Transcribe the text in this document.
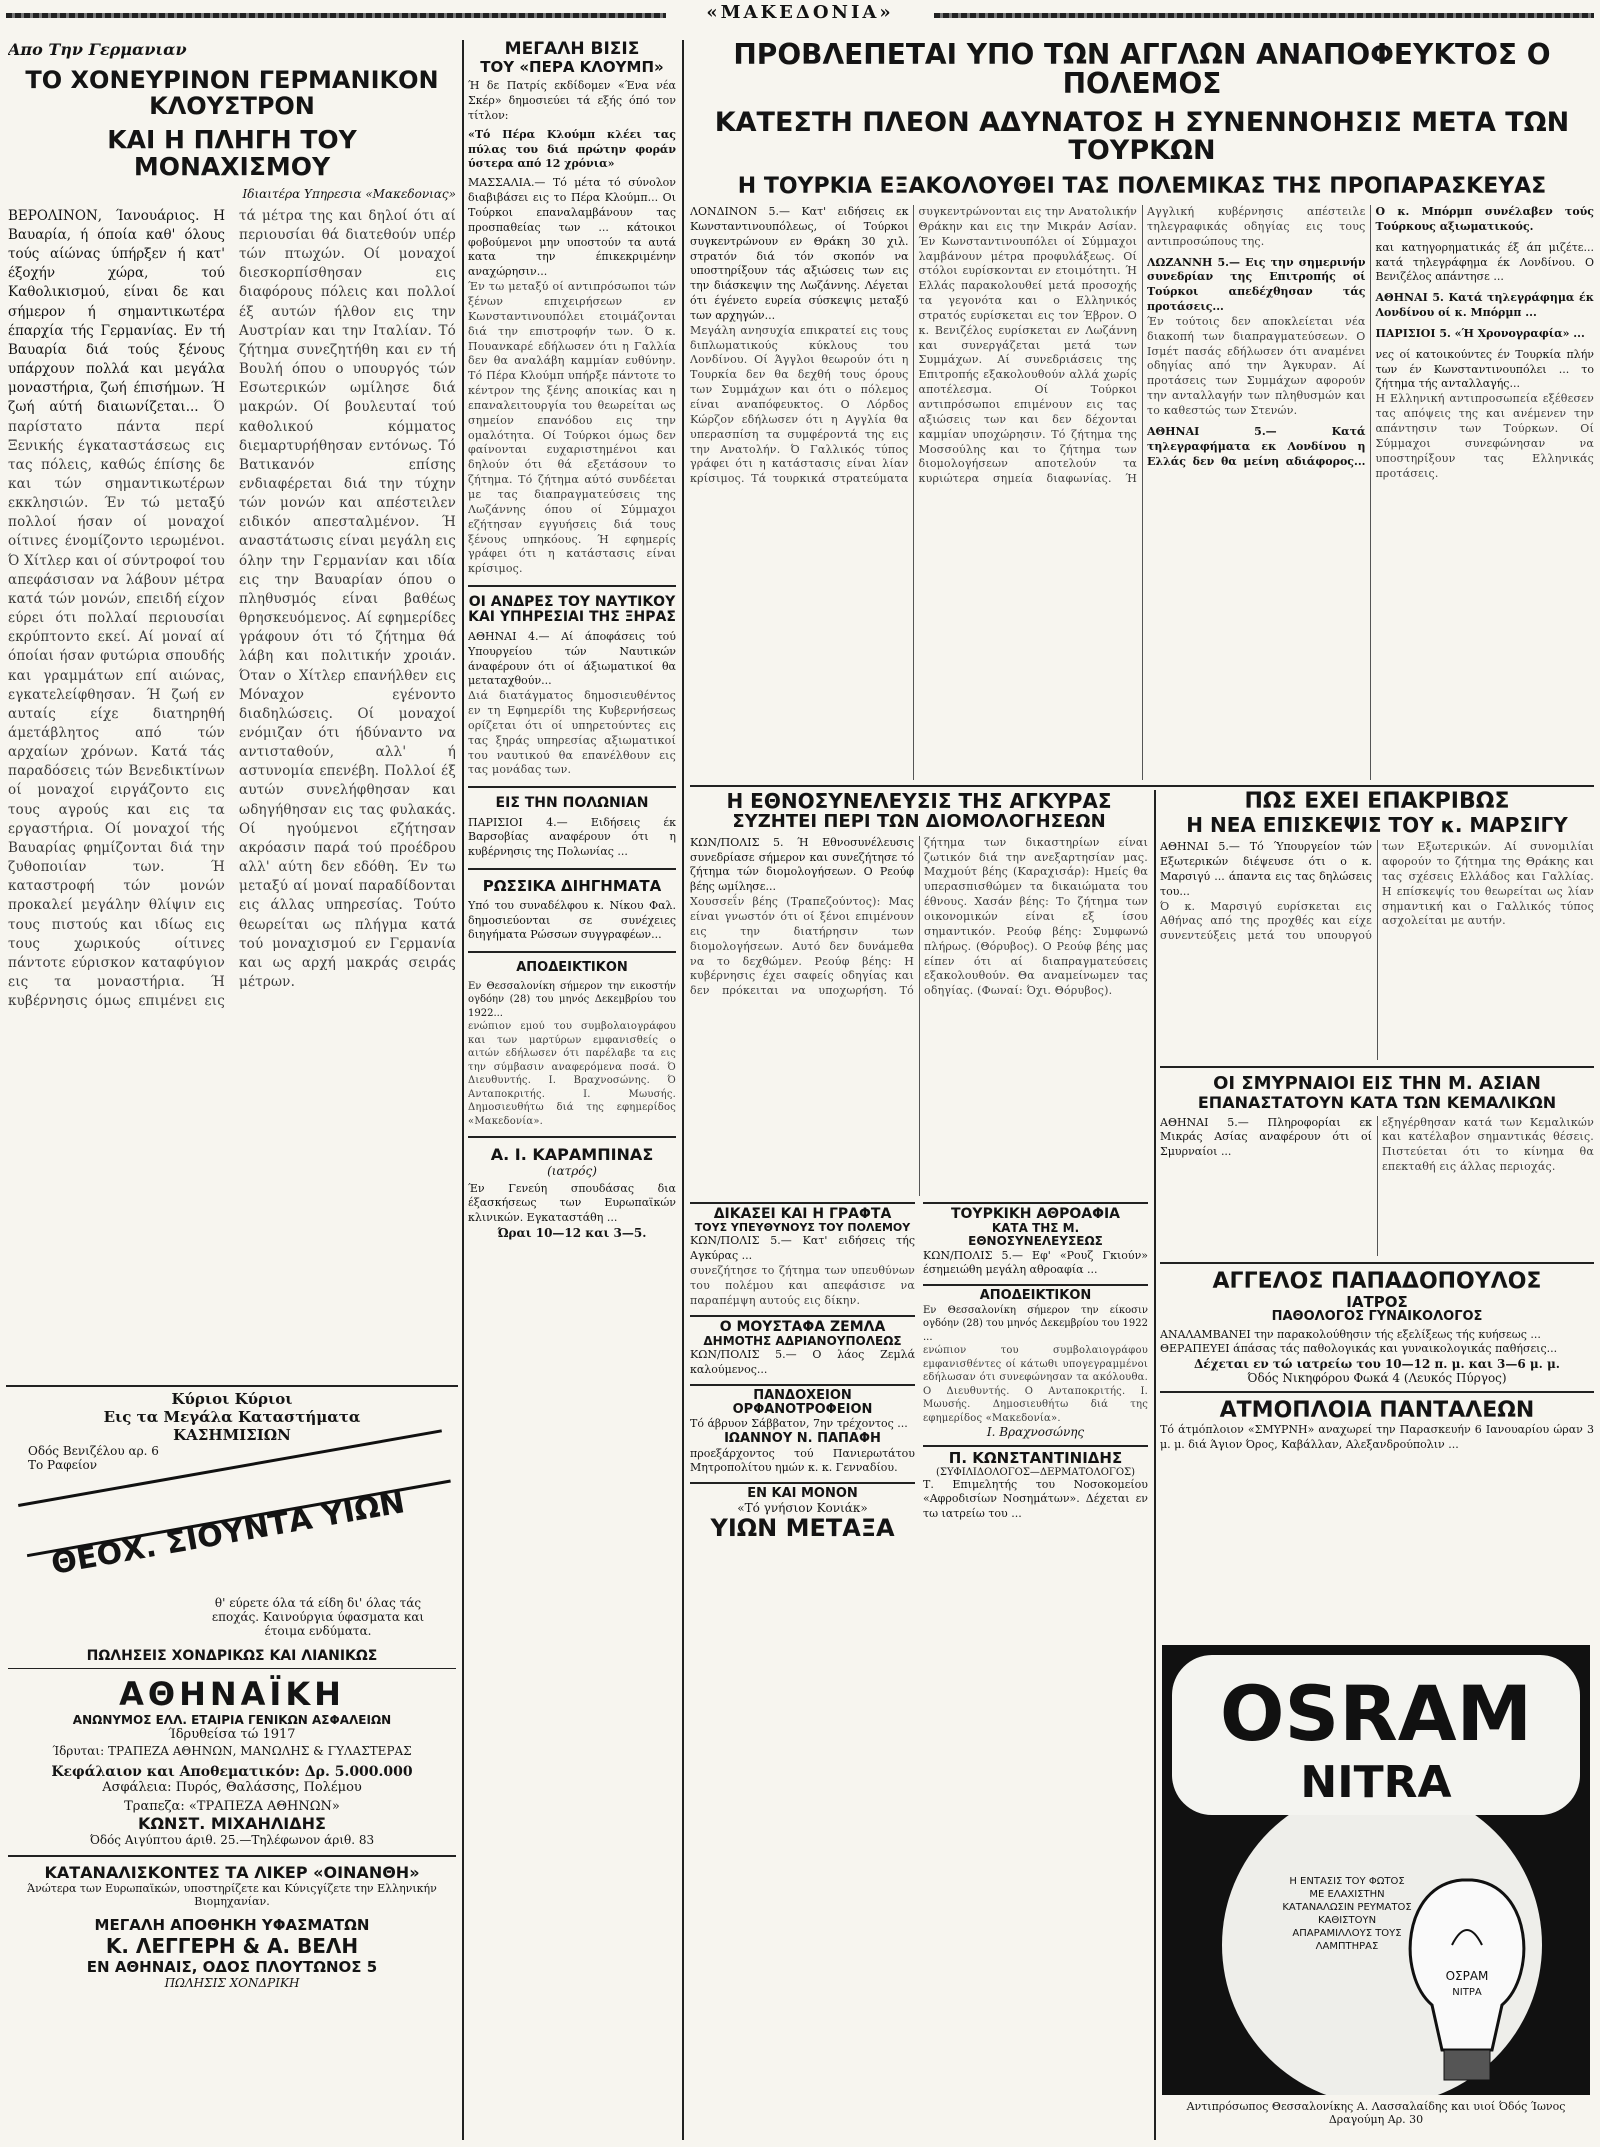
«ΜΑΚΕΔΟΝΙΑ»
Απο Την Γερμανιαν
ΤΟ ΧΟΝΕΥΡΙΝΟΝ ΓΕΡΜΑΝΙΚΟΝ ΚΛΟΥΣΤΡΟΝ
ΚΑΙ Η ΠΛΗΓΗ ΤΟΥ ΜΟΝΑΧΙΣΜΟΥ
Ιδιαιτέρα Υπηρεσια «Μακεδονιας»
ΒΕΡΟΛΙΝΟΝ, Ίανουάριος. Η Βαυαρία, ή όποία καθ' όλους τούς αίώνας ύπήρξεν ή κατ' έξοχήν χώρα, τού Καθολικισμού, είναι δε και σήμερον ή σημαντικωτέρα έπαρχία τής Γερμανίας. Εν τή Βαυαρία διά τούς ξένους υπάρχουν πολλά και μεγάλα μοναστήρια, ζωή έπισήμων. Ή ζωή αύτή διαιωνίζεται... Ό παρίστατο πάντα περί Ξενικής έγκαταστάσεως εις τας πόλεις, καθώς έπίσης δε και τών σημαντικωτέρων εκκλησιών. Έν τώ μεταξύ πολλοί ήσαν οί μοναχοί οίτινες ένομίζοντο ιερωμένοι. Ό Χίτλερ και οί σύντροφοί του απεφάσισαν να λάβουν μέτρα κατά τών μονών, επειδή είχον εύρει ότι πολλαί περιουσίαι εκρύπτοντο εκεί. Αί μοναί αί όποίαι ήσαν φυτώρια σπουδής και γραμμάτων επί αιώνας, εγκατελείφθησαν. Ή ζωή εν αυταίς είχε διατηρηθή άμετάβλητος από τών αρχαίων χρόνων. Κατά τάς παραδόσεις τών Βενεδικτίνων οί μοναχοί ειργάζοντο εις τους αγρούς και εις τα εργαστήρια. Οί μοναχοί τής Βαυαρίας φημίζονται διά την ζυθοποιίαν των. Ή καταστροφή τών μονών προκαλεί μεγάλην θλίψιν εις τους πιστούς και ιδίως εις τους χωρικούς οίτινες πάντοτε εύρισκον καταφύγιον εις τα μοναστήρια. Ή κυβέρνησις όμως επιμένει εις τά μέτρα της και δηλοί ότι αί περιουσίαι θά διατεθούν υπέρ τών πτωχών. Οί μοναχοί διεσκορπίσθησαν εις διαφόρους πόλεις και πολλοί έξ αυτών ήλθον εις την Αυστρίαν και την Ιταλίαν. Τό ζήτημα συνεζητήθη και εν τή Βουλή όπου ο υπουργός τών Εσωτερικών ωμίλησε διά μακρών. Οί βουλευταί τού καθολικού κόμματος διεμαρτυρήθησαν εντόνως. Τό Βατικανόν επίσης ενδιαφέρεται διά την τύχην τών μονών και απέστειλεν ειδικόν απεσταλμένον. Ή αναστάτωσις είναι μεγάλη εις όλην την Γερμανίαν και ιδία εις την Βαυαρίαν όπου ο πληθυσμός είναι βαθέως θρησκευόμενος. Αί εφημερίδες γράφουν ότι τό ζήτημα θά λάβη και πολιτικήν χροιάν. Όταν ο Χίτλερ επανήλθεν εις Μόναχον εγένοντο διαδηλώσεις. Οί μοναχοί ενόμιζαν ότι ήδύναντο να αντισταθούν, αλλ' ή αστυνομία επενέβη. Πολλοί έξ αυτών συνελήφθησαν και ωδηγήθησαν εις τας φυλακάς. Οί ηγούμενοι εζήτησαν ακρόασιν παρά τού προέδρου αλλ' αύτη δεν εδόθη. Έν τω μεταξύ αί μοναί παραδίδονται εις άλλας υπηρεσίας. Τούτο θεωρείται ως πλήγμα κατά τού μοναχισμού εν Γερμανία και ως αρχή μακράς σειράς μέτρων.
Κύριοι Κύριοι
Εις τα Μεγάλα Καταστήματα
ΚΑΣΗΜΙΣΙΩΝ
Οδός Βενιζέλου αρ. 6
Το Ραφείον
ΘΕΟΧ. ΣΙΟΥΝΤΑ ΥΙΩΝ
θ' εύρετε όλα τά είδη δι' όλας τάς εποχάς. Καινούργια ύφασματα και έτοιμα ενδύματα.
ΠΩΛΗΣΕΙΣ ΧΟΝΔΡΙΚΩΣ ΚΑΙ ΛΙΑΝΙΚΩΣ
ΑΘΗΝΑΪΚΗ
ΑΝΩΝΥΜΟΣ ΕΛΛ. ΕΤΑΙΡΙΑ ΓΕΝΙΚΩΝ ΑΣΦΑΛΕΙΩΝ
Ίδρυθείσα τώ 1917
Ίδρυται: ΤΡΑΠΕΖΑ ΑΘΗΝΩΝ, ΜΑΝΩΛΗΣ & ΓΥΛΑΣΤΕΡΑΣ
Κεφάλαιον και Αποθεματικόν: Δρ. 5.000.000
Ασφάλεια: Πυρός, Θαλάσσης, Πολέμου
Τραπεζα: «ΤΡΑΠΕΖΑ ΑΘΗΝΩΝ»
ΚΩΝΣΤ. ΜΙΧΑΗΛΙΔΗΣ
Όδός Αιγύπτου άριθ. 25.—Τηλέφωνον άριθ. 83
ΚΑΤΑΝΑΛΙΣΚΟΝΤΕΣ ΤΑ ΛΙΚΕΡ «ΟΙΝΑΝΘΗ»
Άνώτερα των Ευρωπαϊκών, υποστηρίζετε και Κύνιςγίζετε την Ελληνικήν Βιομηχανίαν.
ΜΕΓΑΛΗ ΑΠΟΘΗΚΗ ΥΦΑΣΜΑΤΩΝ
Κ. ΛΕΓΓΕΡΗ & Α. ΒΕΛΗ
ΕΝ ΑΘΗΝΑΙΣ, ΟΔΟΣ ΠΛΟΥΤΩΝΟΣ 5
ΠΩΛΗΣΙΣ ΧΟΝΔΡΙΚΗ
ΜΕΓΑΛΗ ΒΙΣΙΣ
ΤΟΥ «ΠΕΡΑ ΚΛΟΥΜΠ»
Ή δε Πατρίς εκδίδομεν «Ένα νέα Σκέρ» δημοσιεύει τά εξής όπό τον τίτλον:
«Τό Πέρα Κλούμπ κλέει τας πύλας του διά πρώτην φοράν ύστερα από 12 χρόνια»
ΜΑΣΣΑΛΙΑ.— Τό μέτα τό σύνολον διαβιβάσει εις το Πέρα Κλούμπ... Οι Τούρκοι επαναλαμβάνουν τας προσπαθείας των ... κάτοικοι φοβούμενοι μην υποστούν τα αυτά κατα την έπικεκριμένην αναχώρησιν...
Έν τω μεταξύ οί αντιπρόσωποι τών ξένων επιχειρήσεων εν Κωνσταντινουπόλει ετοιμάζονται διά την επιστροφήν των. Ό κ. Πουανκαρέ εδήλωσεν ότι η Γαλλία δεν θα αναλάβη καμμίαν ευθύνην. Τό Πέρα Κλούμπ υπήρξε πάντοτε το κέντρον της ξένης αποικίας και η επαναλειτουργία του θεωρείται ως σημείον επανόδου εις την ομαλότητα. Οί Τούρκοι όμως δεν φαίνονται ευχαριστημένοι και δηλούν ότι θά εξετάσουν το ζήτημα. Τό ζήτημα αύτό συνδέεται με τας διαπραγματεύσεις της Λωζάννης όπου οί Σύμμαχοι εζήτησαν εγγυήσεις διά τους ξένους υπηκόους. Ή εφημερίς γράφει ότι η κατάστασις είναι κρίσιμος.
ΟΙ ΑΝΔΡΕΣ ΤΟΥ ΝΑΥΤΙΚΟΥ ΚΑΙ ΥΠΗΡΕΣΙΑΙ ΤΗΣ ΞΗΡΑΣ
ΑΘΗΝΑΙ 4.— Αί άποφάσεις τού Υπουργείου τών Ναυτικών άναφέρουν ότι οί άξιωματικοί θα μεταταχθούν...
Διά διατάγματος δημοσιευθέντος εν τη Εφημερίδι της Κυβερνήσεως ορίζεται ότι οί υπηρετούντες εις τας ξηράς υπηρεσίας αξιωματικοί του ναυτικού θα επανέλθουν εις τας μονάδας των.
ΕΙΣ ΤΗΝ ΠΟΛΩΝΙΑΝ
ΠΑΡΙΣΙΟΙ 4.— Ειδήσεις έκ Βαρσοβίας αναφέρουν ότι η κυβέρνησις της Πολωνίας ...
ΡΩΣΣΙΚΑ ΔΙΗΓΗΜΑΤΑ
Υπό του συναδέλφου κ. Νίκου Φαλ. δημοσιεύονται σε συνέχειες διηγήματα Ρώσσων συγγραφέων...
ΑΠΟΔΕΙΚΤΙΚΟΝ
Εν Θεσσαλονίκη σήμερον την εικοστήν ογδόην (28) του μηνός Δεκεμβρίου του 1922...
ενώπιον εμού του συμβολαιογράφου και των μαρτύρων εμφανισθείς ο αιτών εδήλωσεν ότι παρέλαβε τα εις την σύμβασιν αναφερόμενα ποσά. Ό Διευθυντής. Ι. Βραχνοσώνης. Ό Ανταποκριτής. Ι. Μωυσής. Δημοσιευθήτω διά της εφημερίδος «Μακεδονία».
Α. Ι. ΚΑΡΑΜΠΙΝΑΣ
(ιατρός)
Έν Γενεύη σπουδάσας δια έξασκήσεως των Ευρωπαϊκών κλινικών. Εγκαταστάθη ...
Ώραι 10—12 και 3—5.
ΠΡΟΒΛΕΠΕΤΑΙ ΥΠΟ ΤΩΝ ΑΓΓΛΩΝ ΑΝΑΠΟΦΕΥΚΤΟΣ Ο ΠΟΛΕΜΟΣ
ΚΑΤΕΣΤΗ ΠΛΕΟΝ ΑΔΥΝΑΤΟΣ Η ΣΥΝΕΝΝΟΗΣΙΣ ΜΕΤΑ ΤΩΝ ΤΟΥΡΚΩΝ
Η ΤΟΥΡΚΙΑ ΕΞΑΚΟΛΟΥΘΕΙ ΤΑΣ ΠΟΛΕΜΙΚΑΣ ΤΗΣ ΠΡΟΠΑΡΑΣΚΕΥΑΣ
ΛΟΝΔΙΝΟΝ 5.— Κατ' ειδήσεις εκ Κωνσταντινουπόλεως, οί Τούρκοι συγκεντρώνουν εν Θράκη 30 χιλ. στρατόν διά τόν σκοπόν να υποστηρίξουν τάς αξιώσεις των εις την διάσκεψιν της Λωζάννης. Λέγεται ότι έγένετο ευρεία σύσκεψις μεταξύ των αρχηγών...
Μεγάλη ανησυχία επικρατεί εις τους διπλωματικούς κύκλους του Λονδίνου. Οί Άγγλοι θεωρούν ότι η Τουρκία δεν θα δεχθή τους όρους των Συμμάχων και ότι ο πόλεμος είναι αναπόφευκτος. Ο Λόρδος Κώρζον εδήλωσεν ότι η Αγγλία θα υπερασπίση τα συμφέροντά της εις την Ανατολήν. Ό Γαλλικός τύπος γράφει ότι η κατάστασις είναι λίαν κρίσιμος. Τά τουρκικά στρατεύματα συγκεντρώνονται εις την Ανατολικήν Θράκην και εις την Μικράν Ασίαν. Έν Κωνσταντινουπόλει οί Σύμμαχοι λαμβάνουν μέτρα προφυλάξεως. Οί στόλοι ευρίσκονται εν ετοιμότητι. Ή Ελλάς παρακολουθεί μετά προσοχής τα γεγονότα και ο Ελληνικός στρατός ευρίσκεται εις τον Έβρον. Ο κ. Βενιζέλος ευρίσκεται εν Λωζάννη και συνεργάζεται μετά των Συμμάχων. Αί συνεδριάσεις της Επιτροπής εξακολουθούν αλλά χωρίς αποτέλεσμα. Οί Τούρκοι αντιπρόσωποι επιμένουν εις τας αξιώσεις των και δεν δέχονται καμμίαν υποχώρησιν. Τό ζήτημα της Μοσσούλης και το ζήτημα των διομολογήσεων αποτελούν τα κυριώτερα σημεία διαφωνίας. Ή Αγγλική κυβέρνησις απέστειλε τηλεγραφικάς οδηγίας εις τους αντιπροσώπους της.
ΛΩΖΑΝΝΗ 5.— Εις την σημερινήν συνεδρίαν της Επιτροπής οί Τούρκοι απεδέχθησαν τάς προτάσεις...
Έν τούτοις δεν αποκλείεται νέα διακοπή των διαπραγματεύσεων. Ο Ισμέτ πασάς εδήλωσεν ότι αναμένει οδηγίας από την Άγκυραν. Αί προτάσεις των Συμμάχων αφορούν την ανταλλαγήν των πληθυσμών και το καθεστώς των Στενών.
ΑΘΗΝΑΙ 5.— Κατά τηλεγραφήματα εκ Λονδίνου η Ελλάς δεν θα μείνη αδιάφορος... Ο κ. Μπόρμπ συνέλαβεν τούς Τούρκους αξιωματικούς.
και κατηγορηματικάς έξ άπ μιζέτε... κατά τηλεγράφημα έκ Λονδίνου. Ο Βενιζέλος απάντησε ...
ΑΘΗΝΑΙ 5. Κατά τηλεγράφημα έκ Λονδίνου οί κ. Μπόρμπ ...
ΠΑΡΙΣΙΟΙ 5. «Ή Χρονογραφία» ...
νες οί κατοικούντες έν Τουρκία πλήν των έν Κωνσταντινουπόλει ... το ζήτημα τής ανταλλαγής...
Η Ελληνική αντιπροσωπεία εξέθεσεν τας απόψεις της και ανέμενεν την απάντησιν των Τούρκων. Οί Σύμμαχοι συνεφώνησαν να υποστηρίξουν τας Ελληνικάς προτάσεις.
Η ΕΘΝΟΣΥΝΕΛΕΥΣΙΣ ΤΗΣ ΑΓΚΥΡΑΣ
ΣΥΖΗΤΕΙ ΠΕΡΙ ΤΩΝ ΔΙΟΜΟΛΟΓΗΣΕΩΝ
ΚΩΝ/ΠΟΛΙΣ 5. Ή Εθνοσυνέλευσις συνεδρίασε σήμερον και συνεζήτησε τό ζήτημα τών διομολογήσεων. Ο Ρεούφ βέης ωμίλησε...
Χουσσεΐν βέης (Τραπεζούντος): Μας είναι γνωστόν ότι οί ξένοι επιμένουν εις την διατήρησιν των διομολογήσεων. Αυτό δεν δυνάμεθα να το δεχθώμεν. Ρεούφ βέης: Η κυβέρνησις έχει σαφείς οδηγίας και δεν πρόκειται να υποχωρήση. Τό ζήτημα των δικαστηρίων είναι ζωτικόν διά την ανεξαρτησίαν μας. Μαχμούτ βέης (Καραχισάρ): Ημείς θα υπερασπισθώμεν τα δικαιώματα του έθνους. Χασάν βέης: Το ζήτημα των οικονομικών είναι εξ ίσου σημαντικόν. Ρεούφ βέης: Συμφωνώ πλήρως. (Θόρυβος). Ο Ρεούφ βέης μας είπεν ότι αί διαπραγματεύσεις εξακολουθούν. Θα αναμείνωμεν τας οδηγίας. (Φωναί: Όχι. Θόρυβος).
ΔΙΚΑΣΕΙ ΚΑΙ Η ΓΡΑΦΤΑ
ΤΟΥΣ ΥΠΕΥΘΥΝΟΥΣ ΤΟΥ ΠΟΛΕΜΟΥ
ΚΩΝ/ΠΟΛΙΣ 5.— Κατ' ειδήσεις τής Αγκύρας ...
συνεζήτησε το ζήτημα των υπευθύνων του πολέμου και απεφάσισε να παραπέμψη αυτούς εις δίκην.
Ο ΜΟΥΣΤΑΦΑ ΖΕΜΛΑ
ΔΗΜΟΤΗΣ ΑΔΡΙΑΝΟΥΠΟΛΕΩΣ
ΚΩΝ/ΠΟΛΙΣ 5.— Ο λάος Ζεμλά καλούμενος...
ΠΑΝΔΟΧΕΙΟΝ ΟΡΦΑΝΟΤΡΟΦΕΙΟΝ
Τό άβρυον Σάββατον, 7ην τρέχοντος ...
ΙΩΑΝΝΟΥ Ν. ΠΑΠΑΦΗ
προεξάρχοντος τού Πανιερωτάτου Μητροπολίτου ημών κ. κ. Γενναδίου.
ΕΝ ΚΑΙ ΜΟΝΟΝ
«Τό γνήσιον Κονιάκ»
ΥΙΩΝ ΜΕΤΑΞΑ
ΤΟΥΡΚΙΚΗ ΑΘΡΟΑΦΙΑ
ΚΑΤΑ ΤΗΣ Μ. ΕΘΝΟΣΥΝΕΛΕΥΣΕΩΣ
ΚΩΝ/ΠΟΛΙΣ 5.— Εφ' «Ρουζ Γκιούν» έσημειώθη μεγάλη αθροαφία ...
ΑΠΟΔΕΙΚΤΙΚΟΝ
Εν Θεσσαλονίκη σήμερον την είκοσιν ογδόην (28) του μηνός Δεκεμβρίου του 1922 ...
ενώπιον του συμβολαιογράφου εμφανισθέντες οί κάτωθι υπογεγραμμένοι εδήλωσαν ότι συνεφώνησαν τα ακόλουθα. Ο Διευθυντής. Ο Ανταποκριτής. Ι. Μωυσής. Δημοσιευθήτω διά της εφημερίδος «Μακεδονία».
Ι. Βραχνοσώνης
Π. ΚΩΝΣΤΑΝΤΙΝΙΔΗΣ
(ΣΥΦΙΛΙΔΟΛΟΓΟΣ—ΔΕΡΜΑΤΟΛΟΓΟΣ)
Τ. Επιμελητής του Νοσοκομείου «Αφροδισίων Νοσημάτων». Δέχεται εν τω ιατρείω του ...
ΠΩΣ ΕΧΕΙ ΕΠΑΚΡΙΒΩΣ
Η ΝΕΑ ΕΠΙΣΚΕΨΙΣ ΤΟΥ κ. ΜΑΡΣΙΓΥ
ΑΘΗΝΑΙ 5.— Τό Ύπουργείον τών Εξωτερικών διέψευσε ότι ο κ. Μαρσιγύ ... άπαντα εις τας δηλώσεις του...
Ό κ. Μαρσιγύ ευρίσκεται εις Αθήνας από της προχθές και είχε συνεντεύξεις μετά του υπουργού των Εξωτερικών. Αί συνομιλίαι αφορούν το ζήτημα της Θράκης και τας σχέσεις Ελλάδος και Γαλλίας. Η επίσκεψίς του θεωρείται ως λίαν σημαντική και ο Γαλλικός τύπος ασχολείται με αυτήν.
ΟΙ ΣΜΥΡΝΑΙΟΙ ΕΙΣ ΤΗΝ Μ. ΑΣΙΑΝ
ΕΠΑΝΑΣΤΑΤΟΥΝ ΚΑΤΑ ΤΩΝ ΚΕΜΑΛΙΚΩΝ
ΑΘΗΝΑΙ 5.— Πληροφορίαι εκ Μικράς Ασίας αναφέρουν ότι οί Σμυρναίοι ...
εξηγέρθησαν κατά των Κεμαλικών και κατέλαβον σημαντικάς θέσεις. Πιστεύεται ότι το κίνημα θα επεκταθή εις άλλας περιοχάς.
ΑΓΓΕΛΟΣ ΠΑΠΑΔΟΠΟΥΛΟΣ
ΙΑΤΡΟΣ
ΠΑΘΟΛΟΓΟΣ ΓΥΝΑΙΚΟΛΟΓΟΣ
ΑΝΑΛΑΜΒΑΝΕΙ την παρακολούθησιν τής εξελίξεως τής κυήσεως ...
ΘΕΡΑΠΕΥΕΙ άπάσας τάς παθολογικάς και γυναικολογικάς παθήσεις...
Δέχεται εν τώ ιατρείω του 10—12 π. μ. και 3—6 μ. μ.
Όδός Νικηφόρου Φωκά 4 (Λευκός Πύργος)
ΑΤΜΟΠΛΟΙΑ ΠΑΝΤΑΛΕΩΝ
Τό άτμόπλοιον «ΣΜΥΡΝΗ» αναχωρεί την Παρασκευήν 6 Ιανουαρίου ώραν 3 μ. μ. διά Άγιον Όρος, Καβάλλαν, Αλεξανδρούπολιν ...
OSRAM
NITRA
ΟΣΡΑΜ
ΝΙΤΡΑ
Η ΕΝΤΑΣΙΣ ΤΟΥ ΦΩΤΟΣ ΜΕ ΕΛΑΧΙΣΤΗΝ ΚΑΤΑΝΑΛΩΣΙΝ ΡΕΥΜΑΤΟΣ ΚΑΘΙΣΤΟΥΝ ΑΠΑΡΑΜΙΛΛΟΥΣ ΤΟΥΣ ΛΑΜΠΤΗΡΑΣ
Αντιπρόσωπος Θεσσαλονίκης Α. Λασσαλαίδης και υιοί Όδός Ίωνος Δραγούμη Αρ. 30
